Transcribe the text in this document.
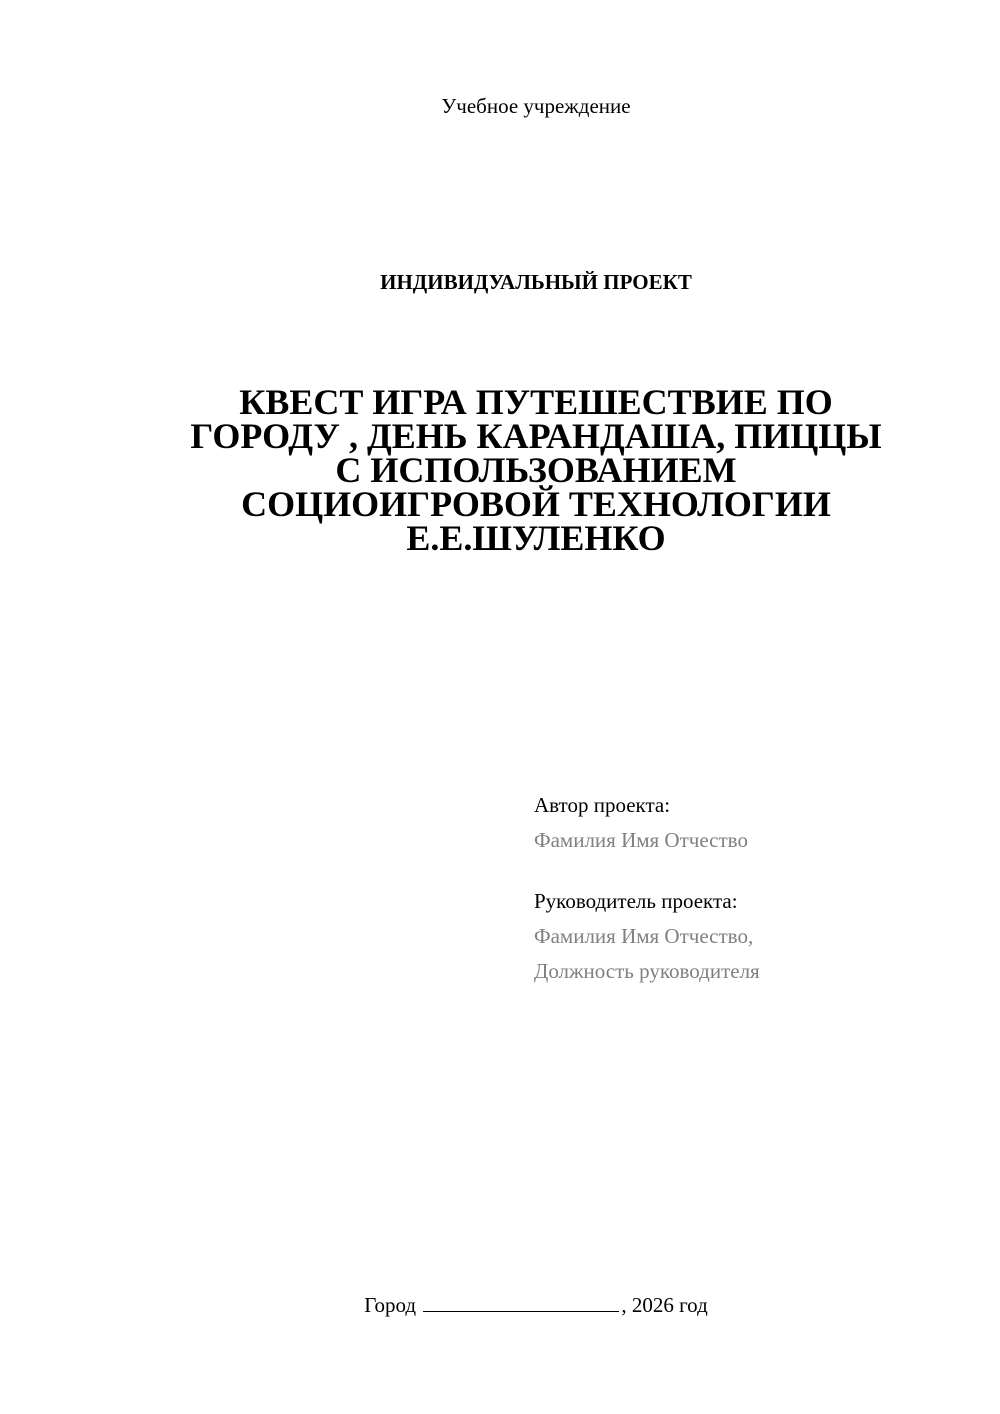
Учебное учреждение
ИНДИВИДУАЛЬНЫЙ ПРОЕКТ
КВЕСТ ИГРА ПУТЕШЕСТВИЕ ПО
ГОРОДУ , ДЕНЬ КАРАНДАША, ПИЦЦЫ
С ИСПОЛЬЗОВАНИЕМ
СОЦИОИГРОВОЙ ТЕХНОЛОГИИ
Е.Е.ШУЛЕНКО
Автор проекта:
Фамилия Имя Отчество
Руководитель проекта:
Фамилия Имя Отчество,
Должность руководителя
Город	, 2026 год
